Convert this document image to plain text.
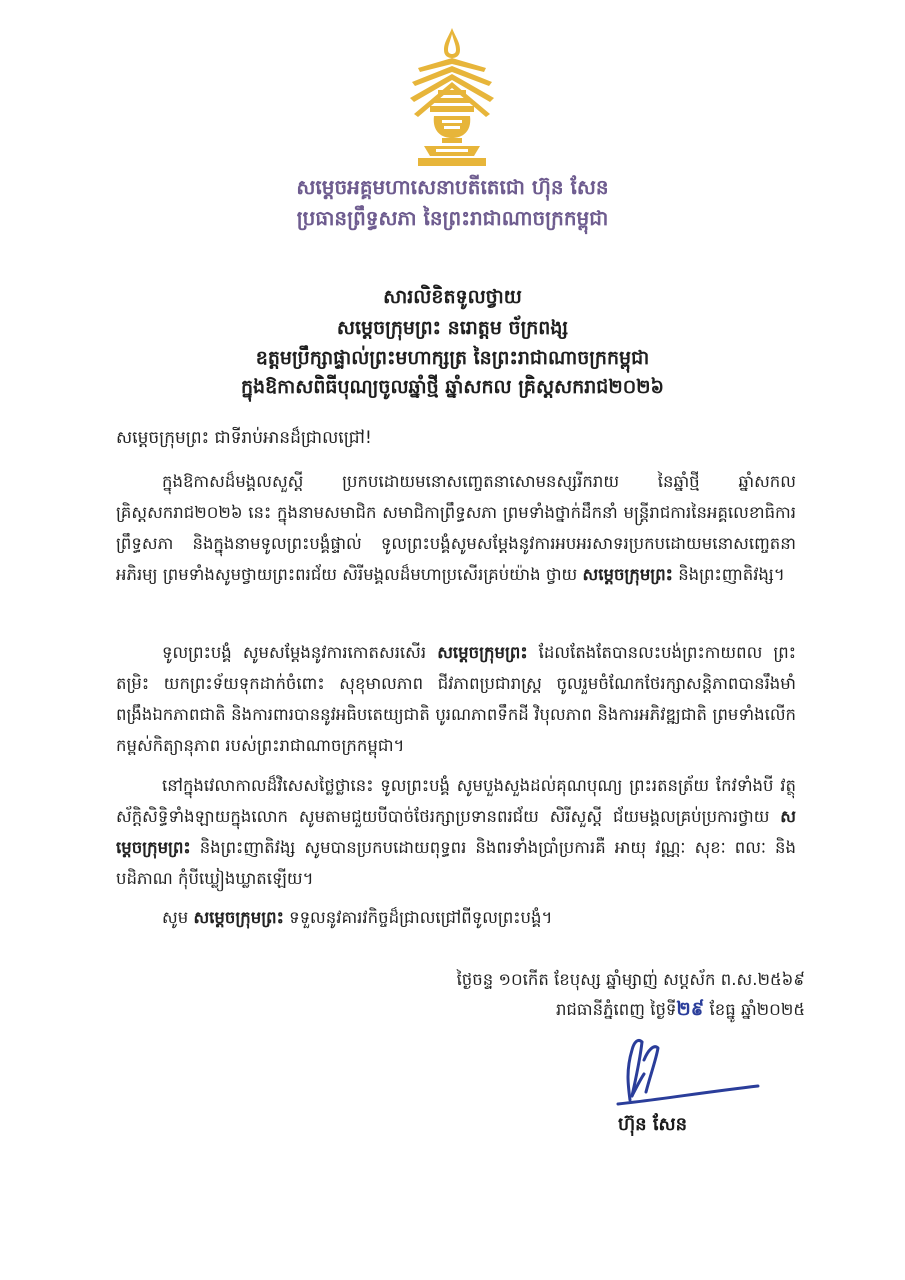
សម្តេចអគ្គមហាសេនាបតីតេជោ ហ៊ុន សែន
ប្រធានព្រឹទ្ធសភា នៃព្រះរាជាណាចក្រកម្ពុជា
សារលិខិតទូលថ្វាយ
សម្តេចក្រុមព្រះ នរោត្តម ច័ក្រពង្ស
ឧត្តមប្រឹក្សាផ្ទាល់ព្រះមហាក្សត្រ នៃព្រះរាជាណាចក្រកម្ពុជា
ក្នុងឱកាសពិធីបុណ្យចូលឆ្នាំថ្មី ឆ្នាំសកល គ្រិស្តសករាជ២០២៦
សម្តេចក្រុមព្រះ ជាទីរាប់អានដ៏ជ្រាលជ្រៅ!
ក្នុងឱកាសដ៏មង្គលសួស្តី ប្រកបដោយមនោសញ្ចេតនាសោមនស្សរីករាយ នៃឆ្នាំថ្មី ឆ្នាំសកល គ្រិស្តសករាជ២០២៦ នេះ ក្នុងនាមសមាជិក សមាជិកាព្រឹទ្ធសភា ព្រមទាំងថ្នាក់ដឹកនាំ មន្ត្រីរាជការនៃអគ្គលេខាធិការព្រឹទ្ធសភា និងក្នុងនាមទូលព្រះបង្គំផ្ទាល់ ទូលព្រះបង្គំសូមសម្តែងនូវការអបអរសាទរប្រកបដោយមនោសញ្ចេតនាអភិរម្យ ព្រមទាំងសូមថ្វាយព្រះពរជ័យ សិរីមង្គលដ៏មហាប្រសើរគ្រប់យ៉ាង ថ្វាយ សម្តេចក្រុមព្រះ និងព្រះញាតិវង្ស។
ទូលព្រះបង្គំ សូមសម្តែងនូវការកោតសរសើរ សម្តេចក្រុមព្រះ ដែលតែងតែបានលះបង់ព្រះកាយពល ព្រះតម្រិះ យកព្រះទ័យទុកដាក់ចំពោះ សុខុមាលភាព ជីវភាពប្រជារាស្ត្រ ចូលរួមចំណែកថែរក្សាសន្តិភាពបានរឹងមាំ ពង្រឹងឯកភាពជាតិ និងការពារបាននូវអធិបតេយ្យជាតិ បូរណភាពទឹកដី វិបុលភាព និងការអភិវឌ្ឍជាតិ ព្រមទាំងលើកកម្ពស់កិត្យានុភាព របស់ព្រះរាជាណាចក្រកម្ពុជា។
នៅក្នុងវេលាកាលដ៏វិសេសថ្លៃថ្លានេះ ទូលព្រះបង្គំ សូមបួងសួងដល់គុណបុណ្យ ព្រះរតនត្រ័យ កែវទាំងបី វត្ថុស័ក្តិសិទ្ធិទាំងឡាយក្នុងលោក សូមតាមជួយបីបាច់ថែរក្សាប្រទានពរជ័យ សិរីសួស្តី ជ័យមង្គលគ្រប់ប្រការថ្វាយ សម្តេចក្រុមព្រះ និងព្រះញាតិវង្ស សូមបានប្រកបដោយពុទ្ធពរ និងពរទាំងប្រាំប្រការគឺ អាយុ វណ្ណៈ សុខៈ ពលៈ និងបដិភាណ កុំបីឃ្លៀងឃ្លាតឡើយ។
សូម សម្តេចក្រុមព្រះ ទទួលនូវគារវកិច្ចដ៏ជ្រាលជ្រៅពីទូលព្រះបង្គំ។
ថ្ងៃចន្ទ ១០កើត ខែបុស្ស ឆ្នាំម្សាញ់ សប្តស័ក ព.ស.២៥៦៩
រាជធានីភ្នំពេញ ថ្ងៃទី២៩ ខែធ្នូ ឆ្នាំ២០២៥
ហ៊ុន សែន
